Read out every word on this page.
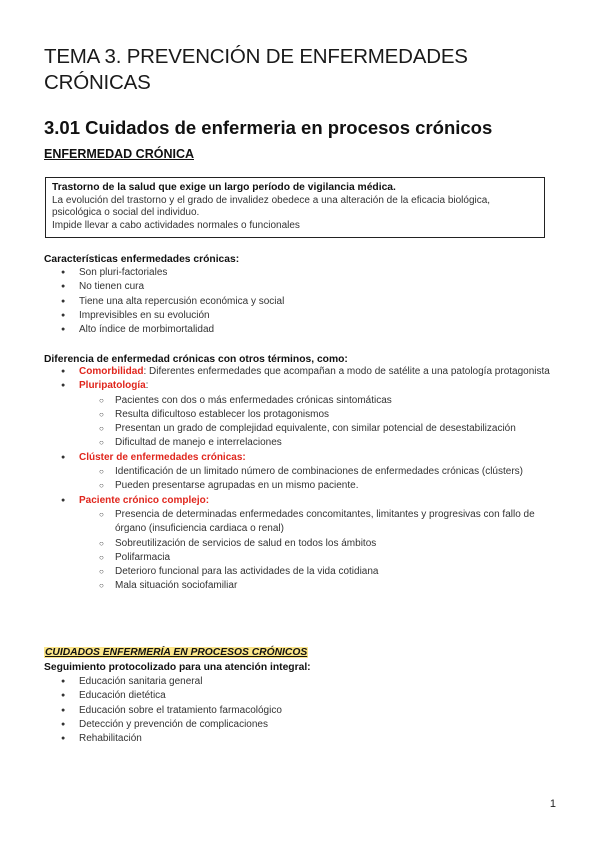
TEMA 3. PREVENCIÓN DE ENFERMEDADES CRÓNICAS
3.01 Cuidados de enfermeria en procesos crónicos
ENFERMEDAD CRÓNICA
Trastorno de la salud que exige un largo período de vigilancia médica.
La evolución del trastorno y el grado de invalidez obedece a una alteración de la eficacia biológica, psicológica o social del individuo.
Impide llevar a cabo actividades normales o funcionales
Características enfermedades crónicas:
● Son pluri-factoriales
● No tienen cura
● Tiene una alta repercusión económica y social
● Imprevisibles en su evolución
● Alto índice de morbimortalidad
Diferencia de enfermedad crónicas con otros términos, como:
● Comorbilidad: Diferentes enfermedades que acompañan a modo de satélite a una patología protagonista
● Pluripatología:
○ Pacientes con dos o más enfermedades crónicas sintomáticas
○ Resulta dificultoso establecer los protagonismos
○ Presentan un grado de complejidad equivalente, con similar potencial de desestabilización
○ Dificultad de manejo e interrelaciones
● Clúster de enfermedades crónicas:
○ Identificación de un limitado número de combinaciones de enfermedades crónicas (clústers)
○ Pueden presentarse agrupadas en un mismo paciente.
● Paciente crónico complejo:
○ Presencia de determinadas enfermedades concomitantes, limitantes y progresivas con fallo de órgano (insuficiencia cardiaca o renal)
○ Sobreutilización de servicios de salud en todos los ámbitos
○ Polifarmacia
○ Deterioro funcional para las actividades de la vida cotidiana
○ Mala situación sociofamiliar
CUIDADOS ENFERMERÍA EN PROCESOS CRÓNICOS
Seguimiento protocolizado para una atención integral:
● Educación sanitaria general
● Educación dietética
● Educación sobre el tratamiento farmacológico
● Detección y prevención de complicaciones
● Rehabilitación
1
